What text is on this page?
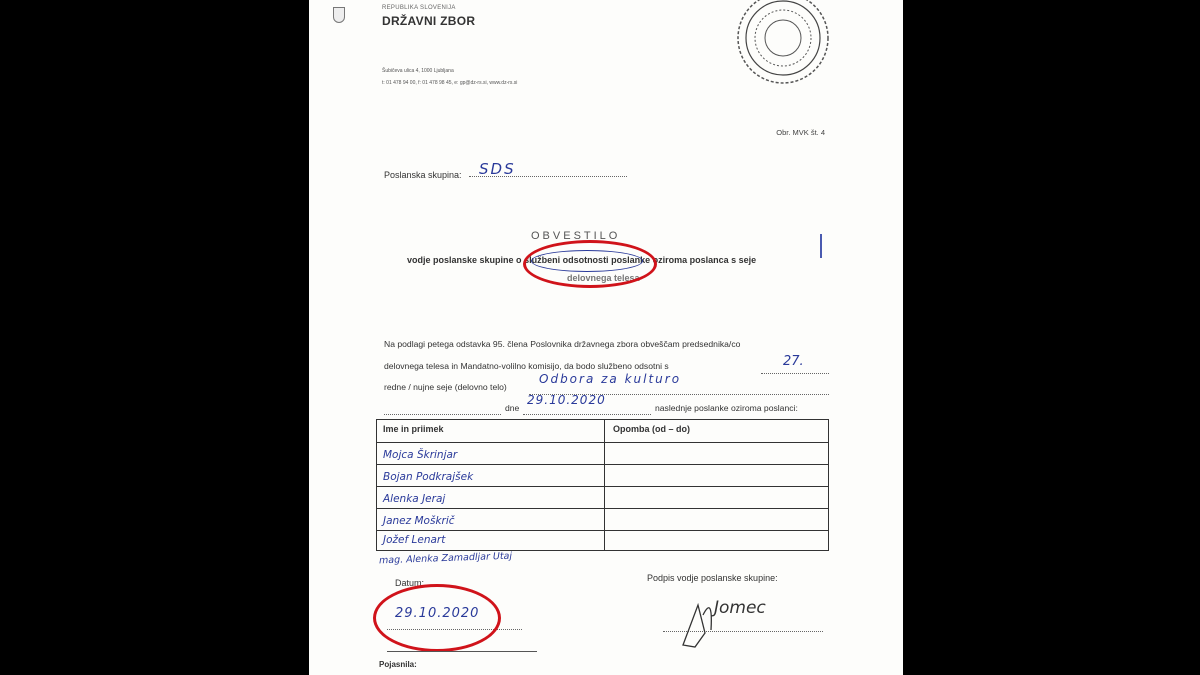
REPUBLIKA SLOVENIJA
DRŽAVNI ZBOR
Šubičeva ulica 4, 1000 Ljubljana
t: 01 478 94 00, f: 01 478 98 45, e: gp@dz-rs.si, www.dz-rs.si
Obr. MVK št. 4
Poslanska skupina: SDS
OBVESTILO
vodje poslanske skupine o službeni odsotnosti poslanke oziroma poslanca s seje
delovnega telesa
Na podlagi petega odstavka 95. člena Poslovnika državnega zbora obveščam predsednika/co
delovnega telesa in Mandatno-volilno komisijo, da bodo službeno odsotni s	27.
redne / nujne seje (delovno telo)
Odbora za kulturo
dne
29.10.2020
naslednje poslanke oziroma poslanci:
Ime in priimek	Opomba (od – do)
Mojca Škrinjar
Bojan Podkrajšek
Alenka Jeraj
Janez Moškrič
Jožef Lenart
mag. Alenka Zamadljar Utaj
Datum:	Podpis vodje poslanske skupine:
29.10.2020	Jomec
Pojasnila:
